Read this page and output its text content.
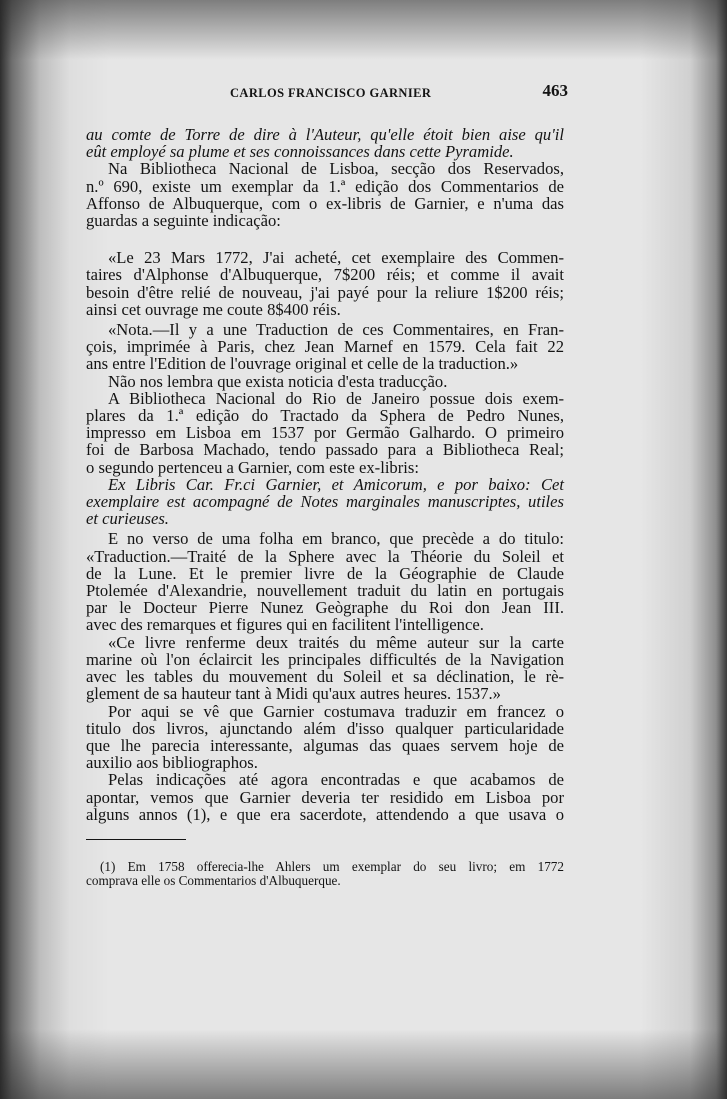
CARLOS FRANCISCO GARNIER	463

au comte de Torre de dire à l'Auteur, qu'elle étoit bien aise qu'il
eût employé sa plume et ses connoissances dans cette Pyramide.

Na Bibliotheca Nacional de Lisboa, secção dos Reservados,
n.º 690, existe um exemplar da 1.ª edição dos Commentarios de
Affonso de Albuquerque, com o ex-libris de Garnier, e n'uma das
guardas a seguinte indicação:

«Le 23 Mars 1772, J'ai acheté, cet exemplaire des Commen-
taires d'Alphonse d'Albuquerque, 7$200 réis; et comme il avait
besoin d'être relié de nouveau, j'ai payé pour la reliure 1$200 réis;
ainsi cet ouvrage me coute 8$400 réis.

«Nota.—Il y a une Traduction de ces Commentaires, en Fran-
çois, imprimée à Paris, chez Jean Marnef en 1579. Cela fait 22
ans entre l'Edition de l'ouvrage original et celle de la traduction.»

Não nos lembra que exista noticia d'esta traducção.

A Bibliotheca Nacional do Rio de Janeiro possue dois exem-
plares da 1.ª edição do Tractado da Sphera de Pedro Nunes,
impresso em Lisboa em 1537 por Germão Galhardo. O primeiro
foi de Barbosa Machado, tendo passado para a Bibliotheca Real;
o segundo pertenceu a Garnier, com este ex-libris:

Ex Libris Car. Fr.ci Garnier, et Amicorum, e por baixo: Cet
exemplaire est acompagné de Notes marginales manuscriptes, utiles
et curieuses.

E no verso de uma folha em branco, que precède a do titulo:
«Traduction.—Traité de la Sphere avec la Théorie du Soleil et
de la Lune. Et le premier livre de la Géographie de Claude
Ptolemée d'Alexandrie, nouvellement traduit du latin en portugais
par le Docteur Pierre Nunez Geògraphe du Roi don Jean III.
avec des remarques et figures qui en facilitent l'intelligence.

«Ce livre renferme deux traités du même auteur sur la carte
marine où l'on éclaircit les principales difficultés de la Navigation
avec les tables du mouvement du Soleil et sa déclination, le rè-
glement de sa hauteur tant à Midi qu'aux autres heures. 1537.»

Por aqui se vê que Garnier costumava traduzir em francez o
titulo dos livros, ajunctando além d'isso qualquer particularidade
que lhe parecia interessante, algumas das quaes servem hoje de
auxilio aos bibliographos.

Pelas indicações até agora encontradas e que acabamos de
apontar, vemos que Garnier deveria ter residido em Lisboa por
alguns annos (1), e que era sacerdote, attendendo a que usava o

(1) Em 1758 offerecia-lhe Ahlers um exemplar do seu livro; em 1772
comprava elle os Commentarios d'Albuquerque.
